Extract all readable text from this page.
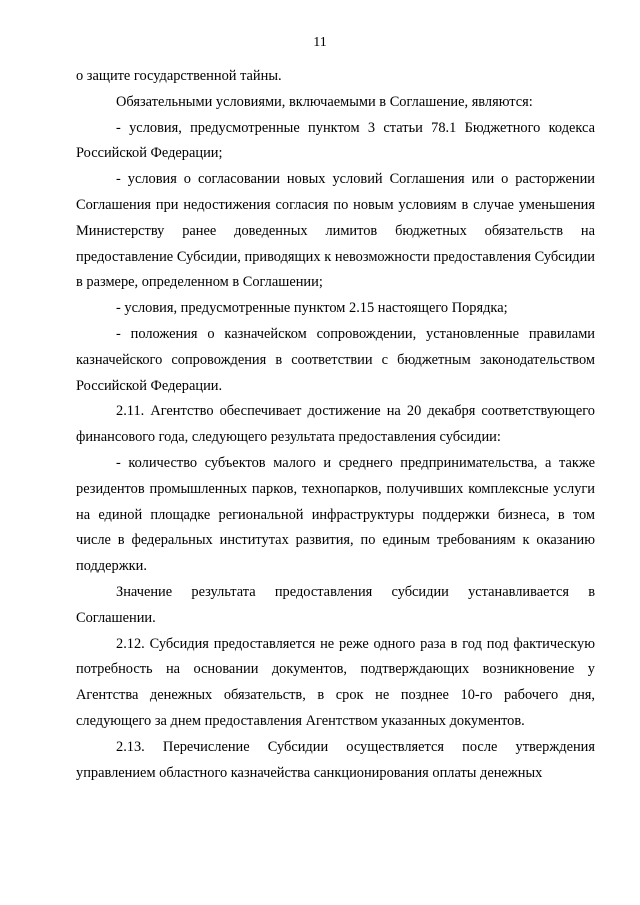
11

о защите государственной тайны.

Обязательными условиями, включаемыми в Соглашение, являются:

- условия, предусмотренные пунктом 3 статьи 78.1 Бюджетного кодекса Российской Федерации;

- условия о согласовании новых условий Соглашения или о расторжении Соглашения при недостижения согласия по новым условиям в случае уменьшения Министерству ранее доведенных лимитов бюджетных обязательств на предоставление Субсидии, приводящих к невозможности предоставления Субсидии в размере, определенном в Соглашении;

- условия, предусмотренные пунктом 2.15 настоящего Порядка;

- положения о казначейском сопровождении, установленные правилами казначейского сопровождения в соответствии с бюджетным законодательством Российской Федерации.

2.11. Агентство обеспечивает достижение на 20 декабря соответствующего финансового года, следующего результата предоставления субсидии:

- количество субъектов малого и среднего предпринимательства, а также резидентов промышленных парков, технопарков, получивших комплексные услуги на единой площадке региональной инфраструктуры поддержки бизнеса, в том числе в федеральных институтах развития, по единым требованиям к оказанию поддержки.

Значение результата предоставления субсидии устанавливается в Соглашении.

2.12. Субсидия предоставляется не реже одного раза в год под фактическую потребность на основании документов, подтверждающих возникновение у Агентства денежных обязательств, в срок не позднее 10-го рабочего дня, следующего за днем предоставления Агентством указанных документов.

2.13. Перечисление Субсидии осуществляется после утверждения управлением областного казначейства санкционирования оплаты денежных
